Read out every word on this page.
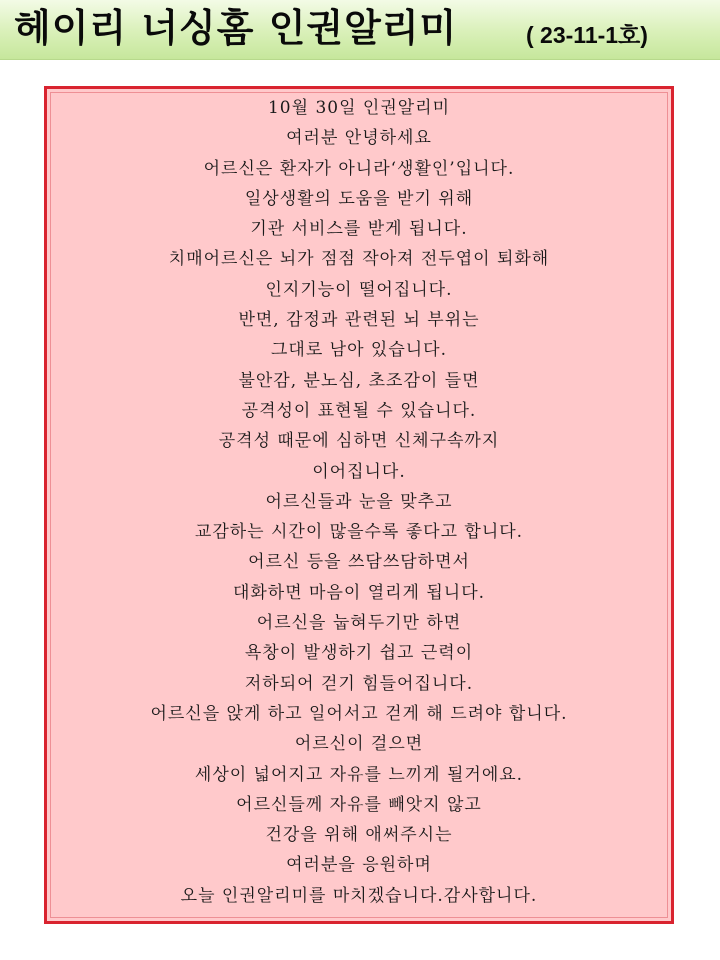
헤이리 너싱홈 인권알리미	( 23-11-1호)
10월 30일 인권알리미
여러분 안녕하세요
어르신은 환자가 아니라‘생활인’입니다.
일상생활의 도움을 받기 위해
기관 서비스를 받게 됩니다.
치매어르신은 뇌가 점점 작아져 전두엽이 퇴화해
인지기능이 떨어집니다.
반면, 감정과 관련된 뇌 부위는
그대로 남아 있습니다.
불안감, 분노심, 초조감이 들면
공격성이 표현될 수 있습니다.
공격성 때문에 심하면 신체구속까지
이어집니다.
어르신들과 눈을 맞추고
교감하는 시간이 많을수록 좋다고 합니다.
어르신 등을 쓰담쓰담하면서
대화하면 마음이 열리게 됩니다.
어르신을 눕혀두기만 하면
욕창이 발생하기 쉽고 근력이
저하되어 걷기 힘들어집니다.
어르신을 앉게 하고 일어서고 걷게 해 드려야 합니다.
어르신이 걸으면
세상이 넓어지고 자유를 느끼게 될거에요.
어르신들께 자유를 빼앗지 않고
건강을 위해 애써주시는
여러분을 응원하며
오늘 인권알리미를 마치겠습니다.감사합니다.
